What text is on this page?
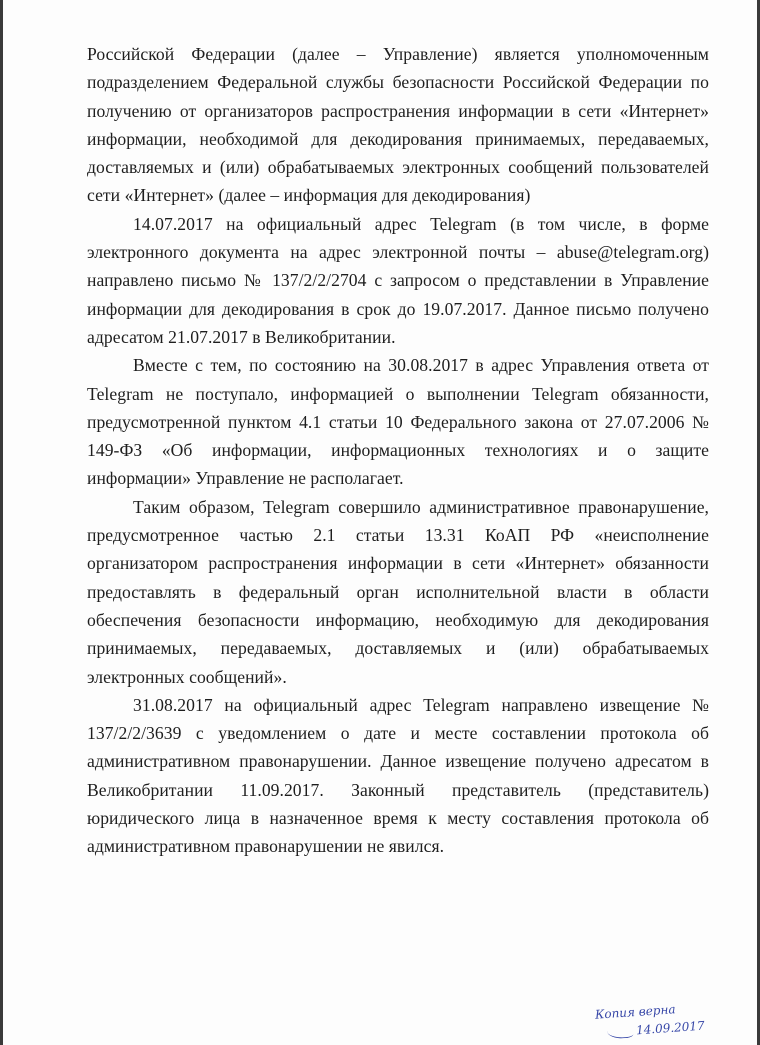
Российской Федерации (далее – Управление) является уполномоченным подразделением Федеральной службы безопасности Российской Федерации по получению от организаторов распространения информации в сети «Интернет» информации, необходимой для декодирования принимаемых, передаваемых, доставляемых и (или) обрабатываемых электронных сообщений пользователей сети «Интернет» (далее – информация для декодирования)

14.07.2017 на официальный адрес Telegram (в том числе, в форме электронного документа на адрес электронной почты – abuse@telegram.org) направлено письмо № 137/2/2/2704 с запросом о представлении в Управление информации для декодирования в срок до 19.07.2017. Данное письмо получено адресатом 21.07.2017 в Великобритании.

Вместе с тем, по состоянию на 30.08.2017 в адрес Управления ответа от Telegram не поступало, информацией о выполнении Telegram обязанности, предусмотренной пунктом 4.1 статьи 10 Федерального закона от 27.07.2006 № 149-ФЗ «Об информации, информационных технологиях и о защите информации» Управление не располагает.

Таким образом, Telegram совершило административное правонарушение, предусмотренное частью 2.1 статьи 13.31 КоАП РФ «неисполнение организатором распространения информации в сети «Интернет» обязанности предоставлять в федеральный орган исполнительной власти в области обеспечения безопасности информацию, необходимую для декодирования принимаемых, передаваемых, доставляемых и (или) обрабатываемых электронных сообщений».

31.08.2017 на официальный адрес Telegram направлено извещение № 137/2/2/3639 с уведомлением о дате и месте составлении протокола об административном правонарушении. Данное извещение получено адресатом в Великобритании 11.09.2017. Законный представитель (представитель) юридического лица в назначенное время к месту составления протокола об административном правонарушении не явился.

Копия верна
14.09.2017
